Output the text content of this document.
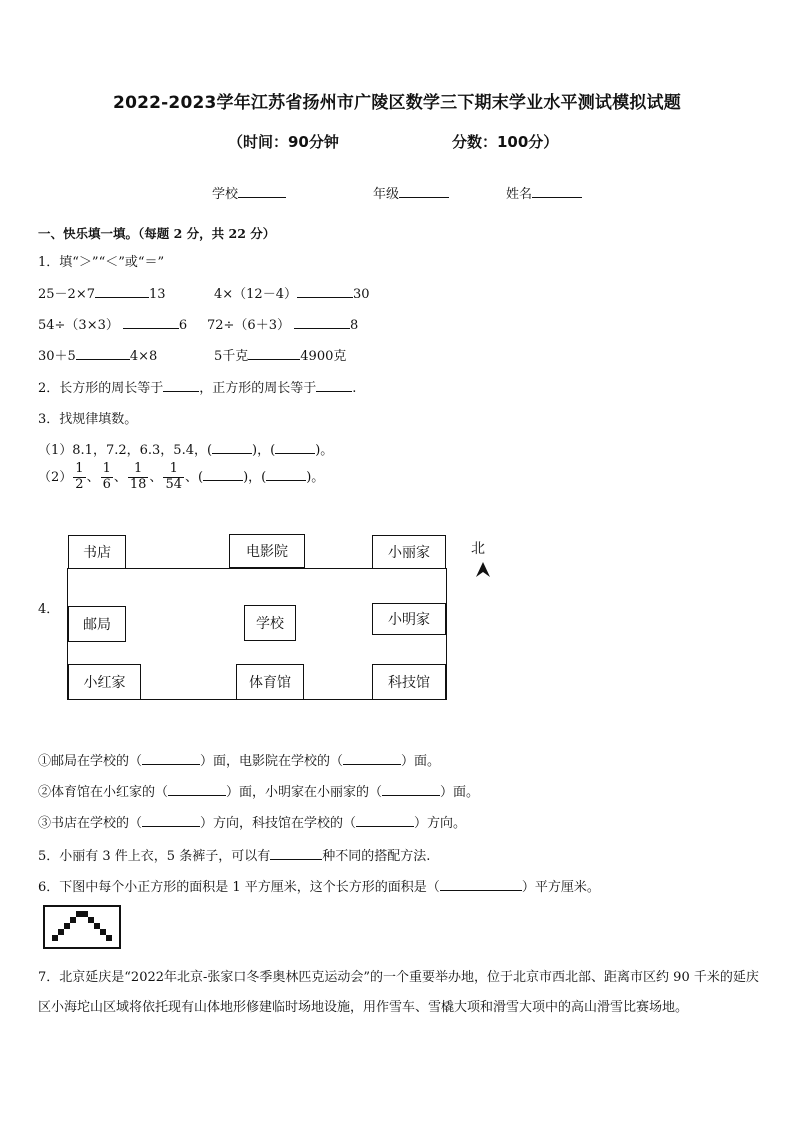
2022-2023学年江苏省扬州市广陵区数学三下期末学业水平测试模拟试题
（时间：90分钟	分数：100分）
学校	年级	姓名
一、快乐填一填。（每题 2 分，共 22 分）
1．填“＞”“＜”或“＝”
25－2×7	13	4×（12－4）	30
54÷（3×3）	6 72÷（6＋3）	8
30＋5	4×8	5千克	4900克
2．长方形的周长等于	，正方形的周长等于	.
3．找规律填数。
（1）8.1，7.2，6.3，5.4，(	)，(	)。
$(2) \frac{1}{2}$ 、 $\frac{1}{6}$ 、 $\frac{1}{18}$ 、 $\frac{1}{54}$ 、(	)，(	)。
4．
书店	电影院	小丽家
邮局	学校	小明家
小红家	体育馆	科技馆
北
①邮局在学校的（	）面，电影院在学校的（	）面。
②体育馆在小红家的（	）面，小明家在小丽家的（	）面。
③书店在学校的（	）方向，科技馆在学校的（	）方向。
5．小丽有 3 件上衣，5 条裤子，可以有	种不同的搭配方法.
6．下图中每个小正方形的面积是 1 平方厘米，这个长方形的面积是（	）平方厘米。
7．北京延庆是“2022年北京-张家口冬季奥林匹克运动会”的一个重要举办地，位于北京市西北部、距离市区约 90 千米的延庆区小海坨山区域将依托现有山体地形修建临时场地设施，用作雪车、雪橇大项和滑雪大项中的高山滑雪比赛场地。
